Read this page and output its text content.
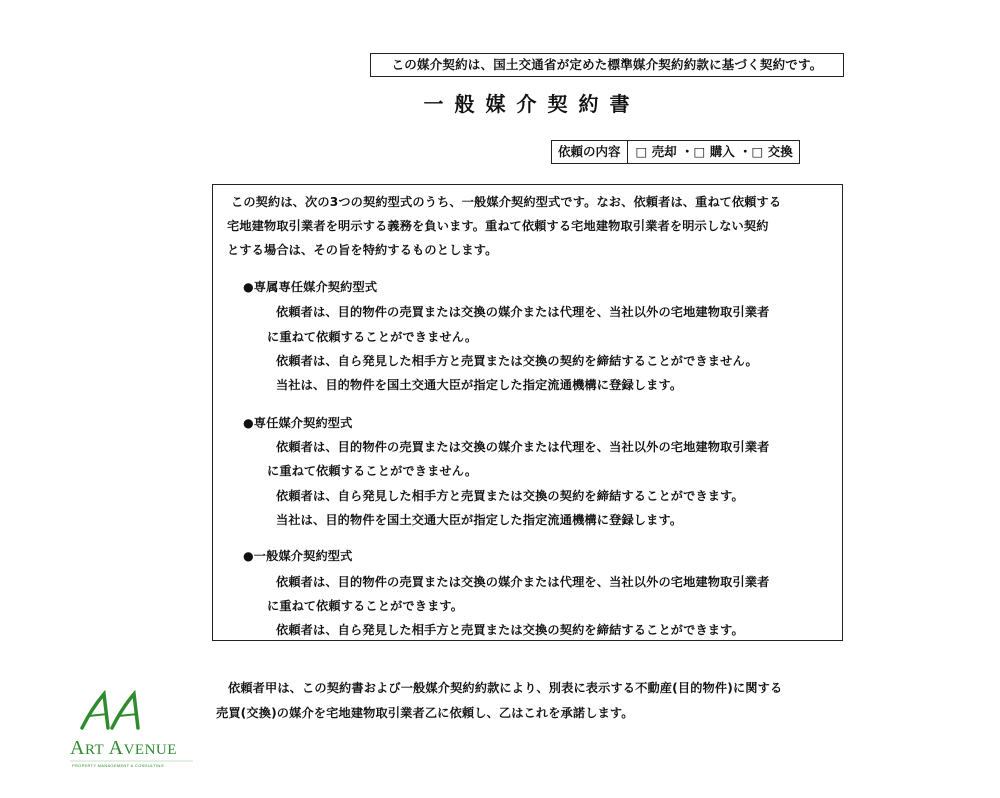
この媒介契約は、国土交通省が定めた標準媒介契約約款に基づく契約です。
一般媒介契約書
依頼の内容	□ 売却 ・□ 購入 ・□ 交換
この契約は、次の3つの契約型式のうち、一般媒介契約型式です。なお、依頼者は、重ねて依頼する
宅地建物取引業者を明示する義務を負います。重ねて依頼する宅地建物取引業者を明示しない契約
とする場合は、その旨を特約するものとします。
●専属専任媒介契約型式
依頼者は、目的物件の売買または交換の媒介または代理を、当社以外の宅地建物取引業者
に重ねて依頼することができません。
依頼者は、自ら発見した相手方と売買または交換の契約を締結することができません。
当社は、目的物件を国土交通大臣が指定した指定流通機構に登録します。
●専任媒介契約型式
依頼者は、目的物件の売買または交換の媒介または代理を、当社以外の宅地建物取引業者
に重ねて依頼することができません。
依頼者は、自ら発見した相手方と売買または交換の契約を締結することができます。
当社は、目的物件を国土交通大臣が指定した指定流通機構に登録します。
●一般媒介契約型式
依頼者は、目的物件の売買または交換の媒介または代理を、当社以外の宅地建物取引業者
に重ねて依頼することができます。
依頼者は、自ら発見した相手方と売買または交換の契約を締結することができます。
依頼者甲は、この契約書および一般媒介契約約款により、別表に表示する不動産(目的物件)に関する
売買(交換)の媒介を宅地建物取引業者乙に依頼し、乙はこれを承諾します。
ART AVENUE
PROPERTY MANAGEMENT & CONSULTING
